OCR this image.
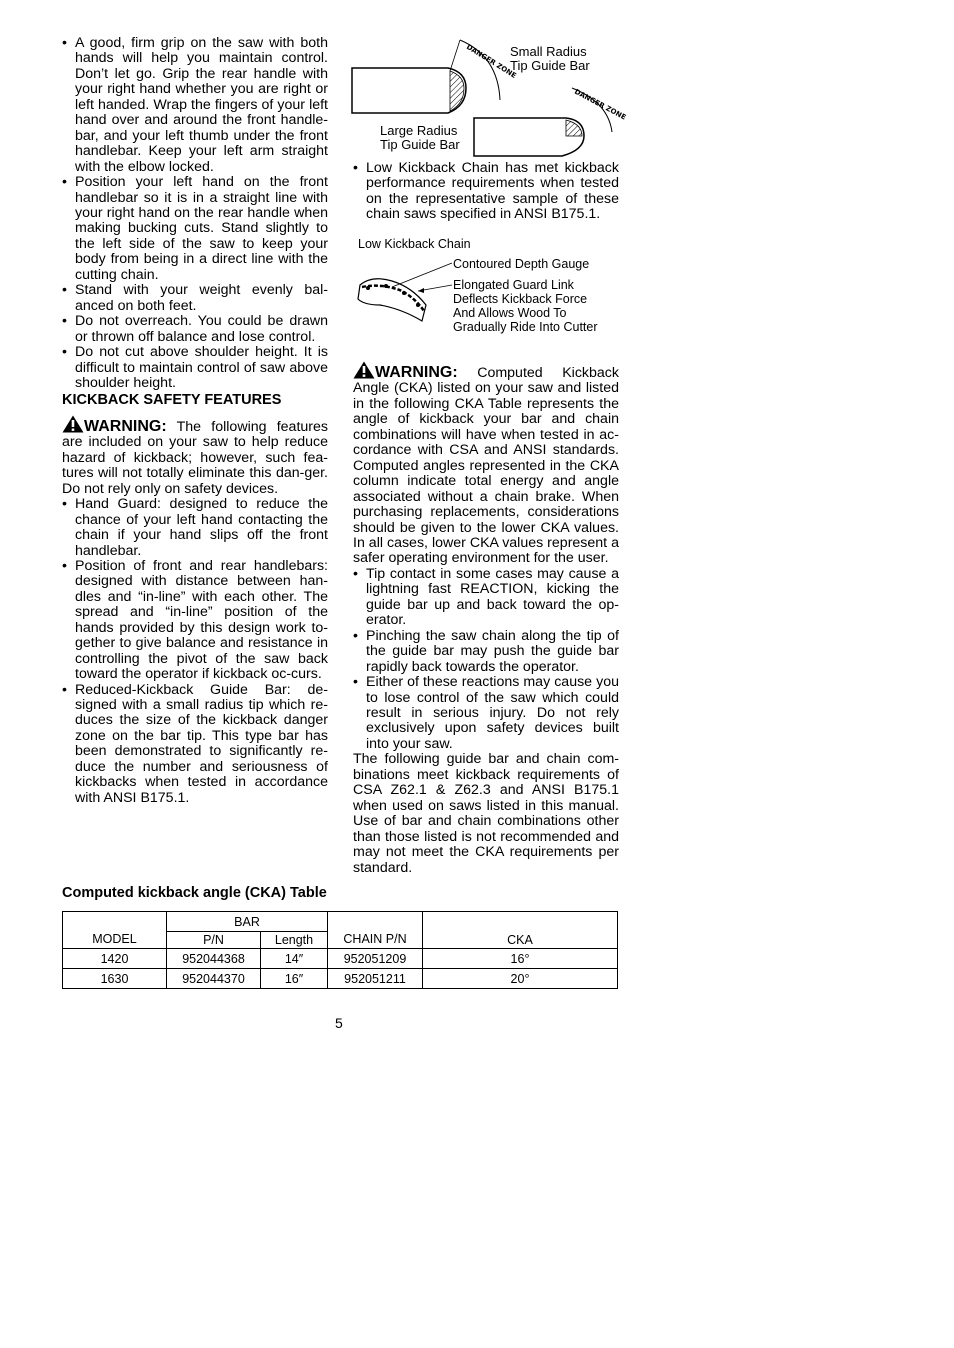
• A good, firm grip on the saw with both hands will help you maintain control. Don’t let go. Grip the rear handle with your right hand whether you are right or left handed. Wrap the fingers of your left hand over and around the front handle-bar, and your left thumb under the front handlebar. Keep your left arm straight with the elbow locked.
• Position your left hand on the front handlebar so it is in a straight line with your right hand on the rear handle when making bucking cuts. Stand slightly to the left side of the saw to keep your body from being in a direct line with the cutting chain.
• Stand with your weight evenly bal-anced on both feet.
• Do not overreach. You could be drawn or thrown off balance and lose control.
• Do not cut above shoulder height. It is difficult to maintain control of saw above shoulder height.
KICKBACK SAFETY FEATURES

WARNING: The following features are included on your saw to help reduce hazard of kickback; however, such fea-tures will not totally eliminate this dan-ger. Do not rely only on safety devices.

• Hand Guard: designed to reduce the chance of your left hand contacting the chain if your hand slips off the front handlebar.
• Position of front and rear handlebars: designed with distance between han-dles and “in-line” with each other. The spread and “in-line” position of the hands provided by this design work to-gether to give balance and resistance in controlling the pivot of the saw back toward the operator if kickback oc-curs.
• Reduced-Kickback Guide Bar: de-signed with a small radius tip which re-duces the size of the kickback danger zone on the bar tip. This type bar has been demonstrated to significantly re-duce the number and seriousness of kickbacks when tested in accordance with ANSI B175.1.
DANGER ZONE
Small Radius
Tip Guide Bar
DANGER ZONE
Large Radius
Tip Guide Bar
• Low Kickback Chain has met kickback performance requirements when tested on the representative sample of these chain saws specified in ANSI B175.1.
Low Kickback Chain
Contoured Depth Gauge
Elongated Guard Link
Deflects Kickback Force
And Allows Wood To
Gradually Ride Into Cutter

WARNING: Computed Kickback Angle (CKA) listed on your saw and listed in the following CKA Table represents the angle of kickback your bar and chain combinations will have when tested in ac-cordance with CSA and ANSI standards. Computed angles represented in the CKA column indicate total energy and angle associated without a chain brake. When purchasing replacements, considerations should be given to the lower CKA values. In all cases, lower CKA values represent a safer operating environment for the user.

• Tip contact in some cases may cause a lightning fast REACTION, kicking the guide bar up and back toward the op-erator.
• Pinching the saw chain along the tip of the guide bar may push the guide bar rapidly back towards the operator.
• Either of these reactions may cause you to lose control of the saw which could result in serious injury. Do not rely exclusively upon safety devices built into your saw.

The following guide bar and chain com-binations meet kickback requirements of CSA Z62.1 & Z62.3 and ANSI B175.1 when used on saws listed in this manual. Use of bar and chain combinations other than those listed is not recommended and may not meet the CKA requirements per standard.

Computed kickback angle (CKA) Table
MODEL	BAR		CHAIN P/N	CKA
	P/N	Length		
1420	952044368	14″	952051209	16°
1630	952044370	16″	952051211	20°
5
